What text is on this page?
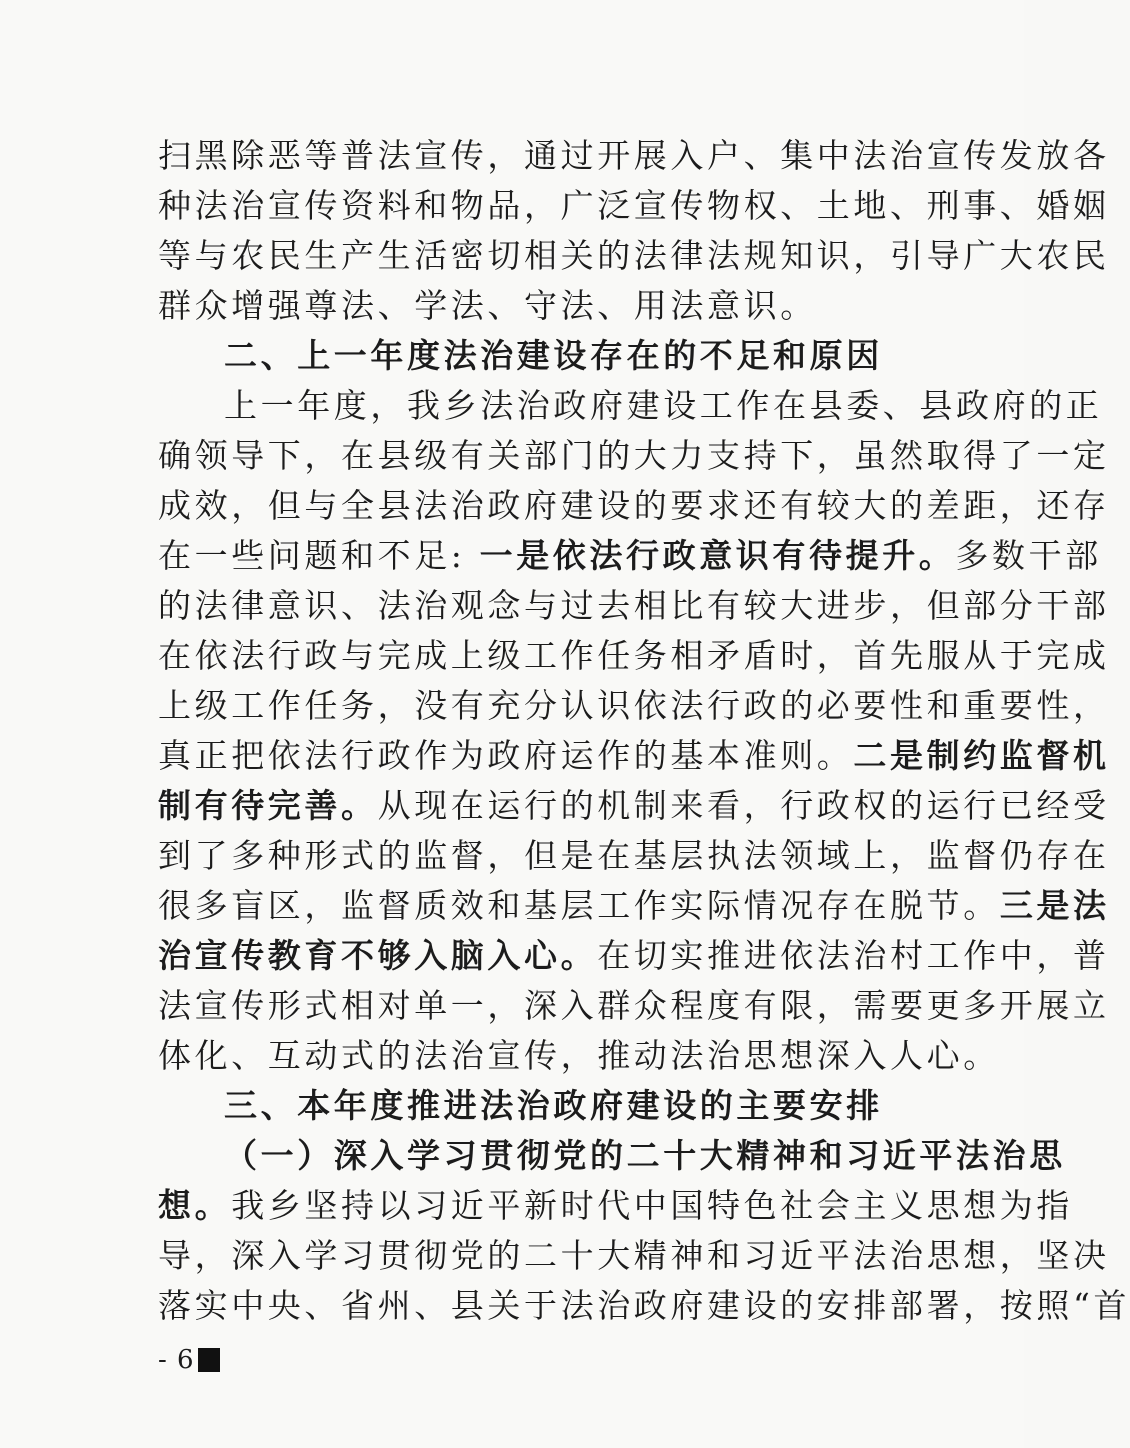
扫黑除恶等普法宣传，通过开展入户、集中法治宣传发放各
种法治宣传资料和物品，广泛宣传物权、土地、刑事、婚姻
等与农民生产生活密切相关的法律法规知识，引导广大农民
群众增强尊法、学法、守法、用法意识。
二、上一年度法治建设存在的不足和原因
上一年度，我乡法治政府建设工作在县委、县政府的正
确领导下，在县级有关部门的大力支持下，虽然取得了一定
成效，但与全县法治政府建设的要求还有较大的差距，还存
在一些问题和不足: 一是依法行政意识有待提升。多数干部
的法律意识、法治观念与过去相比有较大进步，但部分干部
在依法行政与完成上级工作任务相矛盾时，首先服从于完成
上级工作任务，没有充分认识依法行政的必要性和重要性，
真正把依法行政作为政府运作的基本准则。二是制约监督机
制有待完善。从现在运行的机制来看，行政权的运行已经受
到了多种形式的监督，但是在基层执法领域上，监督仍存在
很多盲区，监督质效和基层工作实际情况存在脱节。三是法
治宣传教育不够入脑入心。在切实推进依法治村工作中，普
法宣传形式相对单一，深入群众程度有限，需要更多开展立
体化、互动式的法治宣传，推动法治思想深入人心。
三、本年度推进法治政府建设的主要安排
（一）深入学习贯彻党的二十大精神和习近平法治思
想。我乡坚持以习近平新时代中国特色社会主义思想为指
导，深入学习贯彻党的二十大精神和习近平法治思想，坚决
落实中央、省州、县关于法治政府建设的安排部署，按照“首
- 6
